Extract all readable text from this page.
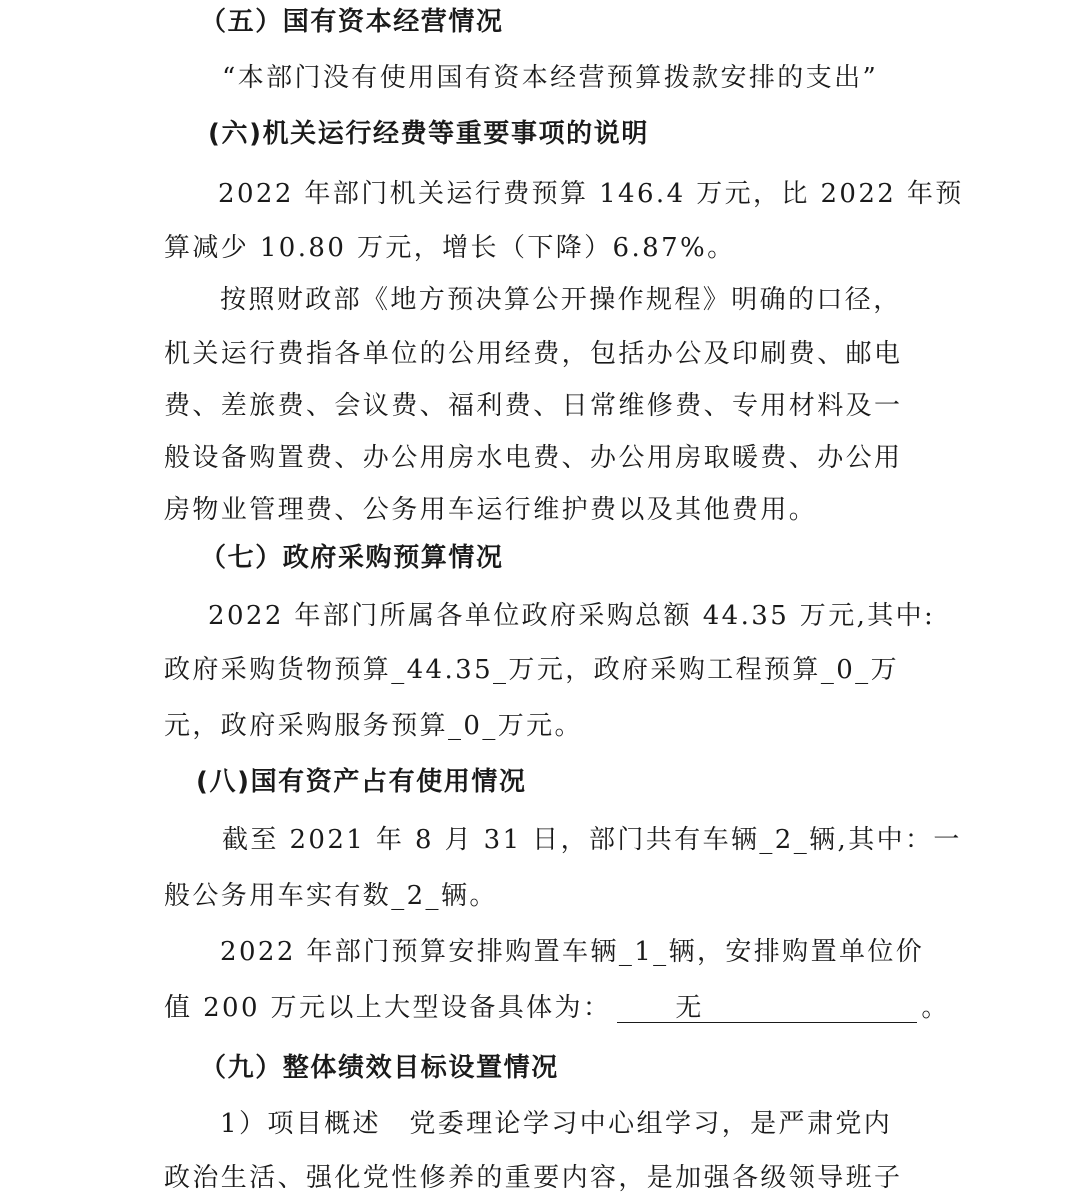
（五）国有资本经营情况
“本部门没有使用国有资本经营预算拨款安排的支出”
(六)机关运行经费等重要事项的说明
2022 年部门机关运行费预算 146.4 万元，比 2022 年预
算减少 10.80 万元，增长（下降）6.87%。
按照财政部《地方预决算公开操作规程》明确的口径，
机关运行费指各单位的公用经费，包括办公及印刷费、邮电
费、差旅费、会议费、福利费、日常维修费、专用材料及一
般设备购置费、办公用房水电费、办公用房取暖费、办公用
房物业管理费、公务用车运行维护费以及其他费用。
（七）政府采购预算情况
2022 年部门所属各单位政府采购总额 44.35 万元,其中:
政府采购货物预算_44.35_万元，政府采购工程预算_0_万
元，政府采购服务预算_0_万元。
(八)国有资产占有使用情况
截至 2021 年 8 月 31 日，部门共有车辆_2_辆,其中：一
般公务用车实有数_2_辆。
2022 年部门预算安排购置车辆_1_辆，安排购置单位价
值 200 万元以上大型设备具体为： 无	。
（九）整体绩效目标设置情况
1）项目概述　党委理论学习中心组学习，是严肃党内
政治生活、强化党性修养的重要内容，是加强各级领导班子
